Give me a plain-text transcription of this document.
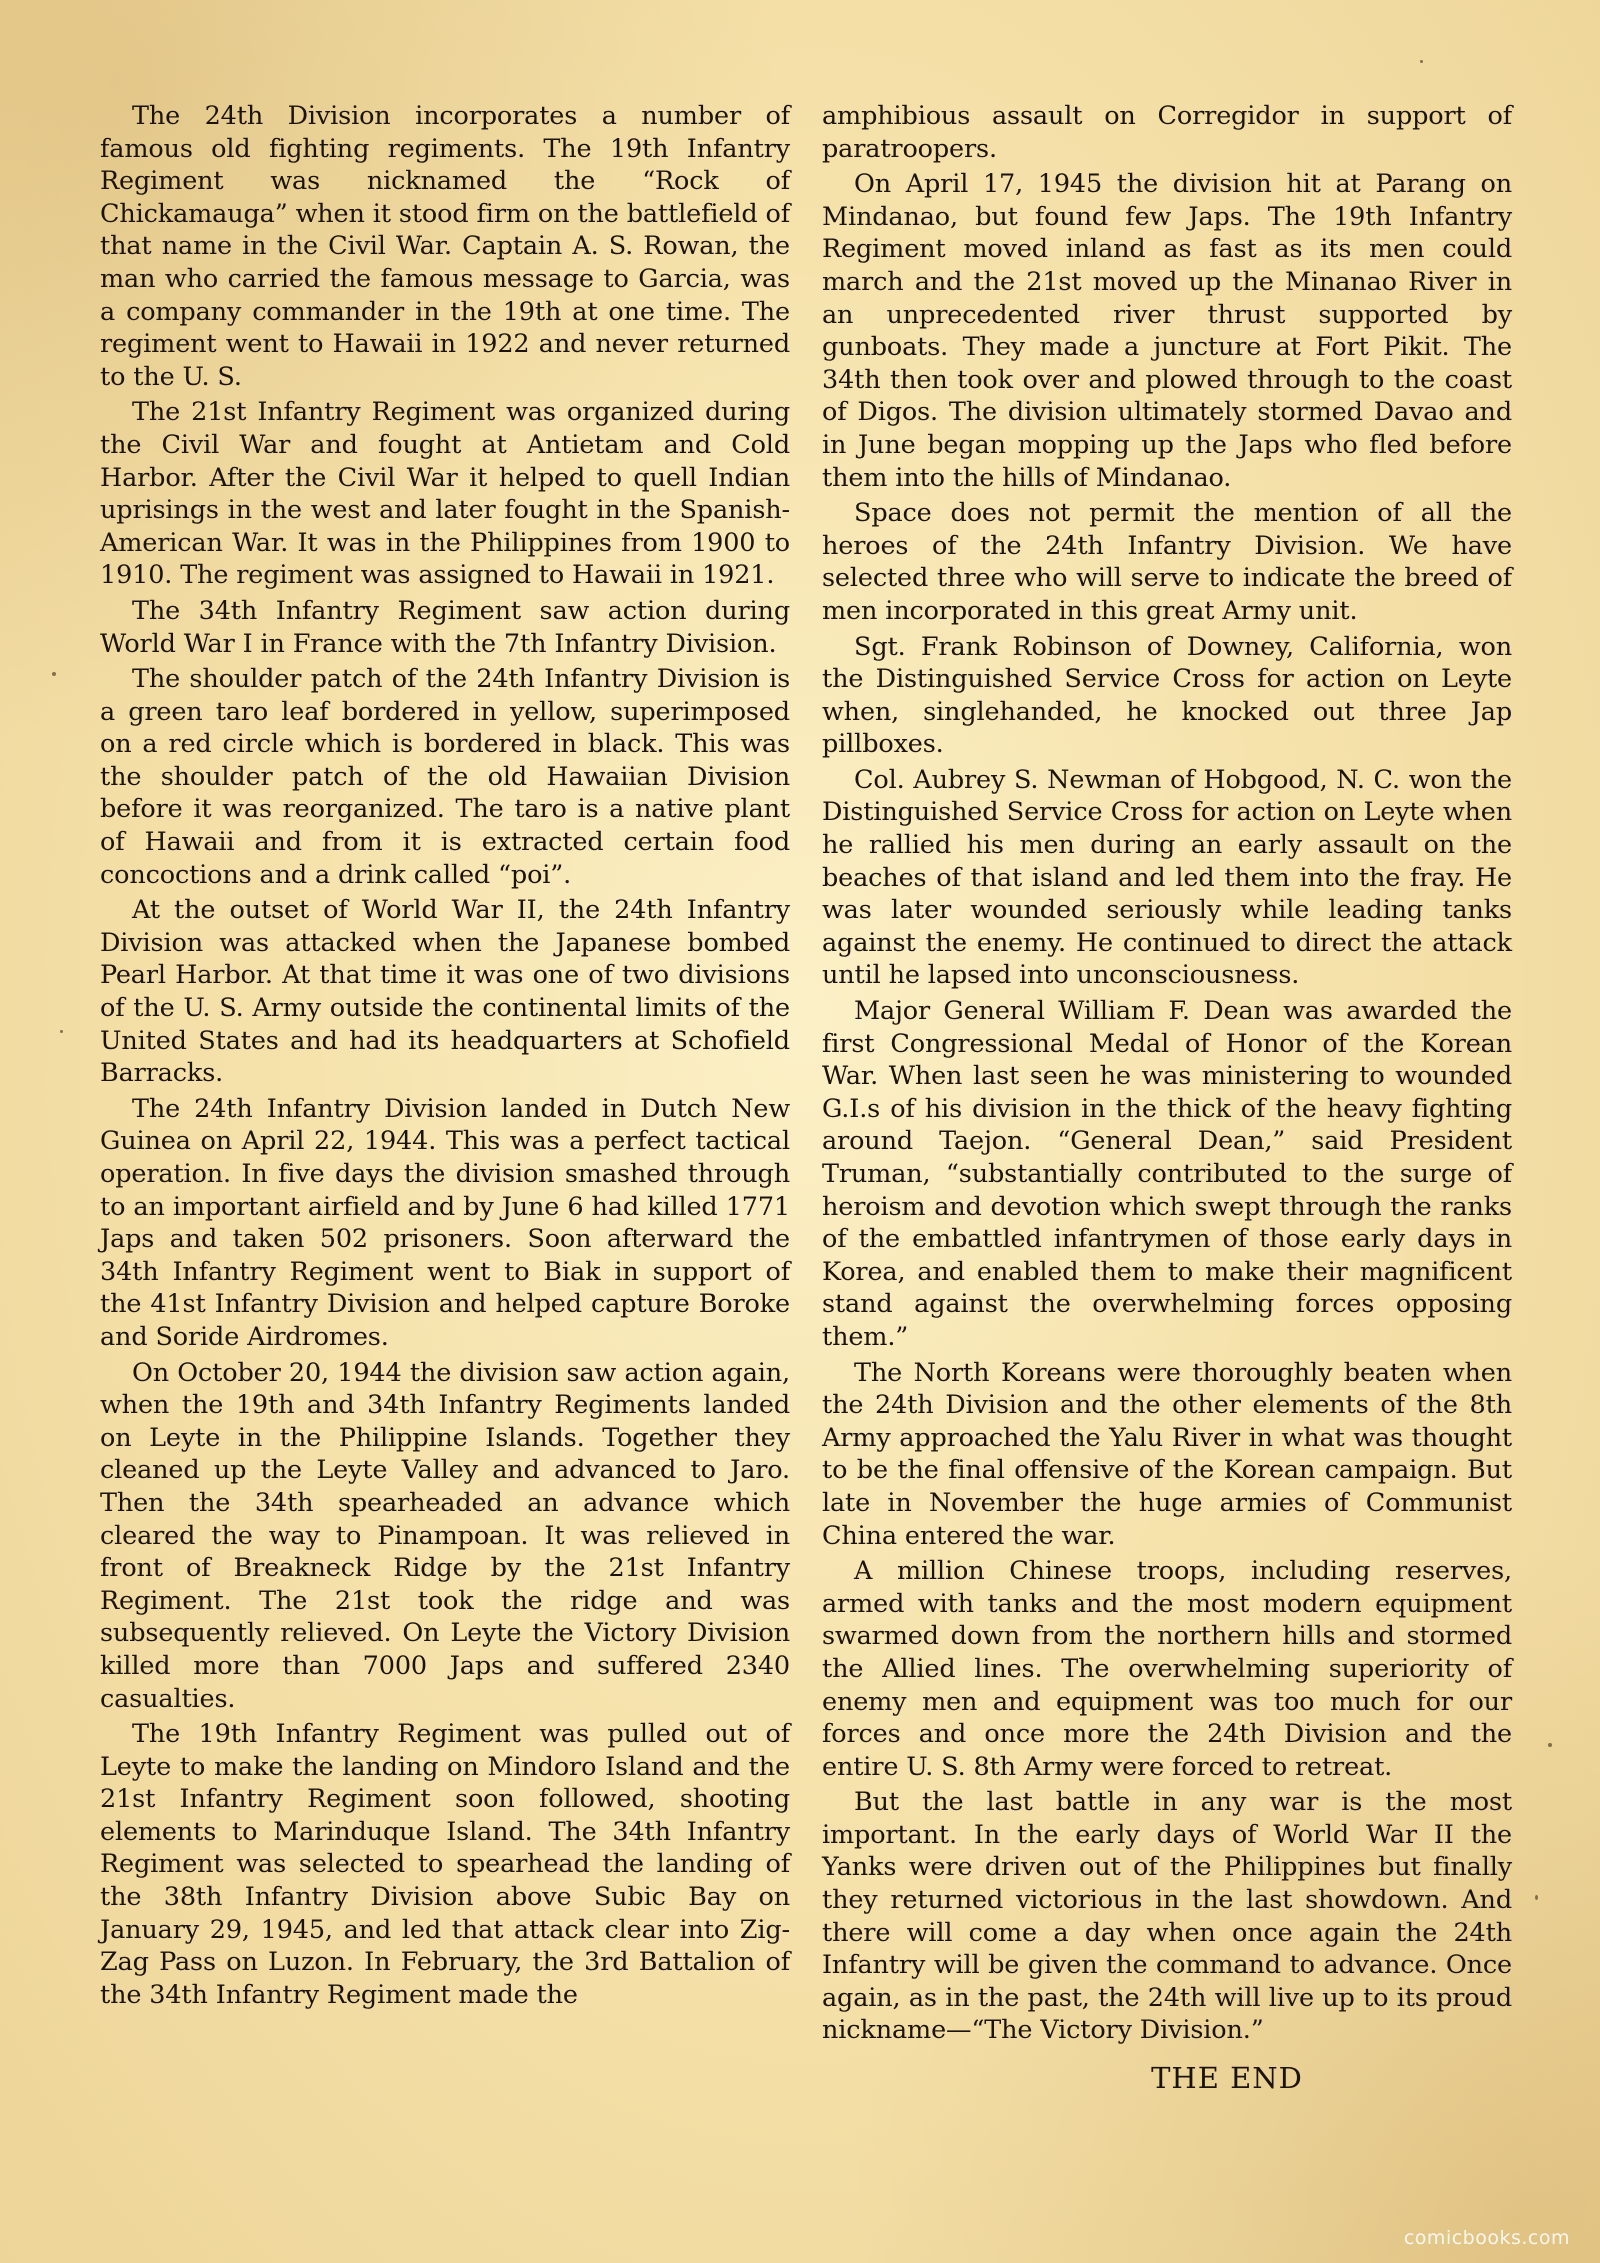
The 24th Division incorporates a number of famous old fighting regiments. The 19th Infantry Regiment was nicknamed the “Rock of Chickamauga” when it stood firm on the battlefield of that name in the Civil War. Captain A. S. Rowan, the man who carried the famous message to Garcia, was a company commander in the 19th at one time. The regiment went to Hawaii in 1922 and never returned to the U. S.

The 21st Infantry Regiment was organized during the Civil War and fought at Antietam and Cold Harbor. After the Civil War it helped to quell Indian uprisings in the west and later fought in the Spanish-American War. It was in the Philippines from 1900 to 1910. The regiment was assigned to Hawaii in 1921.

The 34th Infantry Regiment saw action during World War I in France with the 7th Infantry Division.

The shoulder patch of the 24th Infantry Division is a green taro leaf bordered in yellow, superimposed on a red circle which is bordered in black. This was the shoulder patch of the old Hawaiian Division before it was reorganized. The taro is a native plant of Hawaii and from it is extracted certain food concoctions and a drink called “poi”.

At the outset of World War II, the 24th Infantry Division was attacked when the Japanese bombed Pearl Harbor. At that time it was one of two divisions of the U. S. Army outside the continental limits of the United States and had its headquarters at Schofield Barracks.

The 24th Infantry Division landed in Dutch New Guinea on April 22, 1944. This was a perfect tactical operation. In five days the division smashed through to an important airfield and by June 6 had killed 1771 Japs and taken 502 prisoners. Soon afterward the 34th Infantry Regiment went to Biak in support of the 41st Infantry Division and helped capture Boroke and Soride Airdromes.

On October 20, 1944 the division saw action again, when the 19th and 34th Infantry Regiments landed on Leyte in the Philippine Islands. Together they cleaned up the Leyte Valley and advanced to Jaro. Then the 34th spearheaded an advance which cleared the way to Pinampoan. It was relieved in front of Breakneck Ridge by the 21st Infantry Regiment. The 21st took the ridge and was subsequently relieved. On Leyte the Victory Division killed more than 7000 Japs and suffered 2340 casualties.

The 19th Infantry Regiment was pulled out of Leyte to make the landing on Mindoro Island and the 21st Infantry Regiment soon followed, shooting elements to Marinduque Island. The 34th Infantry Regiment was selected to spearhead the landing of the 38th Infantry Division above Subic Bay on January 29, 1945, and led that attack clear into Zig-Zag Pass on Luzon. In February, the 3rd Battalion of the 34th Infantry Regiment made the

amphibious assault on Corregidor in support of paratroopers.

On April 17, 1945 the division hit at Parang on Mindanao, but found few Japs. The 19th Infantry Regiment moved inland as fast as its men could march and the 21st moved up the Minanao River in an unprecedented river thrust supported by gunboats. They made a juncture at Fort Pikit. The 34th then took over and plowed through to the coast of Digos. The division ultimately stormed Davao and in June began mopping up the Japs who fled before them into the hills of Mindanao.

Space does not permit the mention of all the heroes of the 24th Infantry Division. We have selected three who will serve to indicate the breed of men incorporated in this great Army unit.

Sgt. Frank Robinson of Downey, California, won the Distinguished Service Cross for action on Leyte when, singlehanded, he knocked out three Jap pillboxes.

Col. Aubrey S. Newman of Hobgood, N. C. won the Distinguished Service Cross for action on Leyte when he rallied his men during an early assault on the beaches of that island and led them into the fray. He was later wounded seriously while leading tanks against the enemy. He continued to direct the attack until he lapsed into unconsciousness.

Major General William F. Dean was awarded the first Congressional Medal of Honor of the Korean War. When last seen he was ministering to wounded G.I.s of his division in the thick of the heavy fighting around Taejon. “General Dean,” said President Truman, “substantially contributed to the surge of heroism and devotion which swept through the ranks of the embattled infantrymen of those early days in Korea, and enabled them to make their magnificent stand against the overwhelming forces opposing them.”

The North Koreans were thoroughly beaten when the 24th Division and the other elements of the 8th Army approached the Yalu River in what was thought to be the final offensive of the Korean campaign. But late in November the huge armies of Communist China entered the war.

A million Chinese troops, including reserves, armed with tanks and the most modern equipment swarmed down from the northern hills and stormed the Allied lines. The overwhelming superiority of enemy men and equipment was too much for our forces and once more the 24th Division and the entire U. S. 8th Army were forced to retreat.

But the last battle in any war is the most important. In the early days of World War II the Yanks were driven out of the Philippines but finally they returned victorious in the last showdown. And there will come a day when once again the 24th Infantry will be given the command to advance. Once again, as in the past, the 24th will live up to its proud nickname—“The Victory Division.”

THE END

comicbooks.com
